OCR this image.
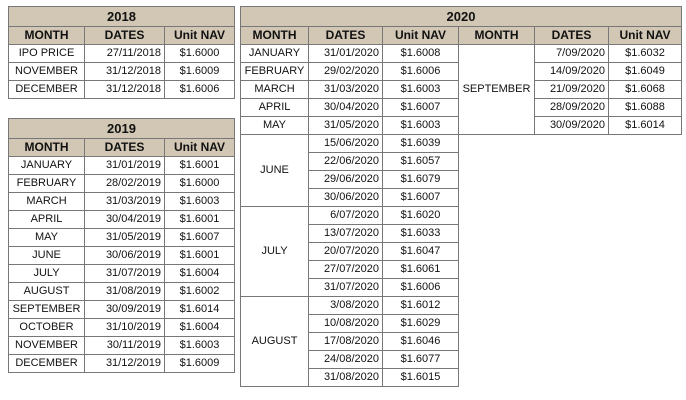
2018		
MONTH	DATES	Unit NAV
IPO PRICE	27/11/2018	$1.6000
NOVEMBER	31/12/2018	$1.6009
DECEMBER	31/12/2018	$1.6006
2019		
MONTH	DATES	Unit NAV
JANUARY	31/01/2019	$1.6001
FEBRUARY	28/02/2019	$1.6000
MARCH	31/03/2019	$1.6003
APRIL	30/04/2019	$1.6001
MAY	31/05/2019	$1.6007
JUNE	30/06/2019	$1.6001
JULY	31/07/2019	$1.6004
AUGUST	31/08/2019	$1.6002
SEPTEMBER	30/09/2019	$1.6014
OCTOBER	31/10/2019	$1.6004
NOVEMBER	30/11/2019	$1.6003
DECEMBER	31/12/2019	$1.6009
2020					
MONTH	DATES	Unit NAV	MONTH	DATES	Unit NAV
JANUARY	31/01/2020	$1.6008	SEPTEMBER	7/09/2020	$1.6032
FEBRUARY	29/02/2020	$1.6006		14/09/2020	$1.6049
MARCH	31/03/2020	$1.6003		21/09/2020	$1.6068
APRIL	30/04/2020	$1.6007		28/09/2020	$1.6088
MAY	31/05/2020	$1.6003		30/09/2020	$1.6014
JUNE	15/06/2020	$1.6039			
	22/06/2020	$1.6057			
	29/06/2020	$1.6079			
	30/06/2020	$1.6007			
JULY	6/07/2020	$1.6020			
	13/07/2020	$1.6033			
	20/07/2020	$1.6047			
	27/07/2020	$1.6061			
	31/07/2020	$1.6006			
AUGUST	3/08/2020	$1.6012			
	10/08/2020	$1.6029			
	17/08/2020	$1.6046			
	24/08/2020	$1.6077			
	31/08/2020	$1.6015			
